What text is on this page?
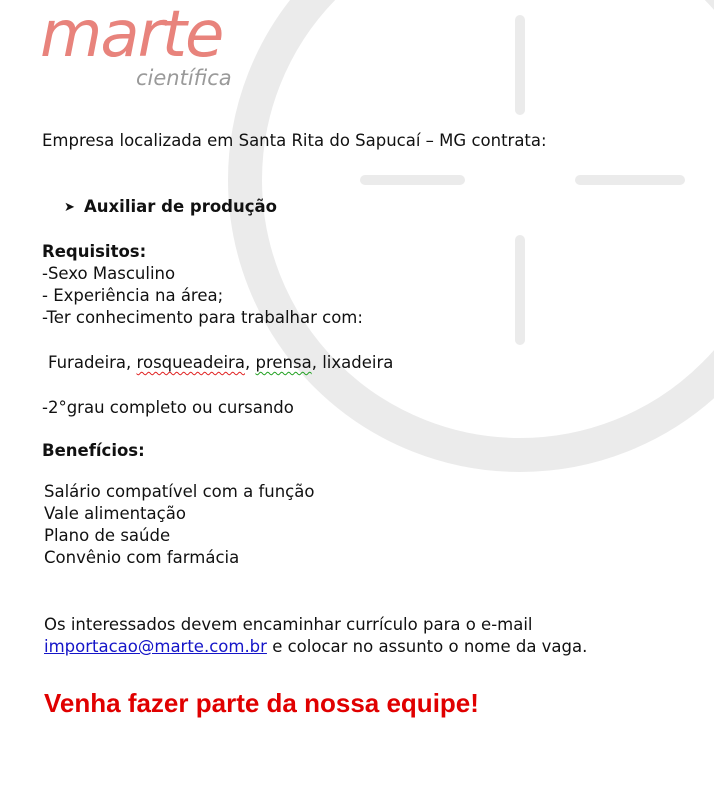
marte
científica
Empresa localizada em Santa Rita do Sapucaí – MG contrata:
➤ Auxiliar de produção
Requisitos:
-Sexo Masculino
- Experiência na área;
-Ter conhecimento para trabalhar com:
Furadeira, rosqueadeira, prensa, lixadeira
-2°grau completo ou cursando
Benefícios:
Salário compatível com a função
Vale alimentação
Plano de saúde
Convênio com farmácia
Os interessados devem encaminhar currículo para o e-mail
importacao@marte.com.br e colocar no assunto o nome da vaga.
Venha fazer parte da nossa equipe!
